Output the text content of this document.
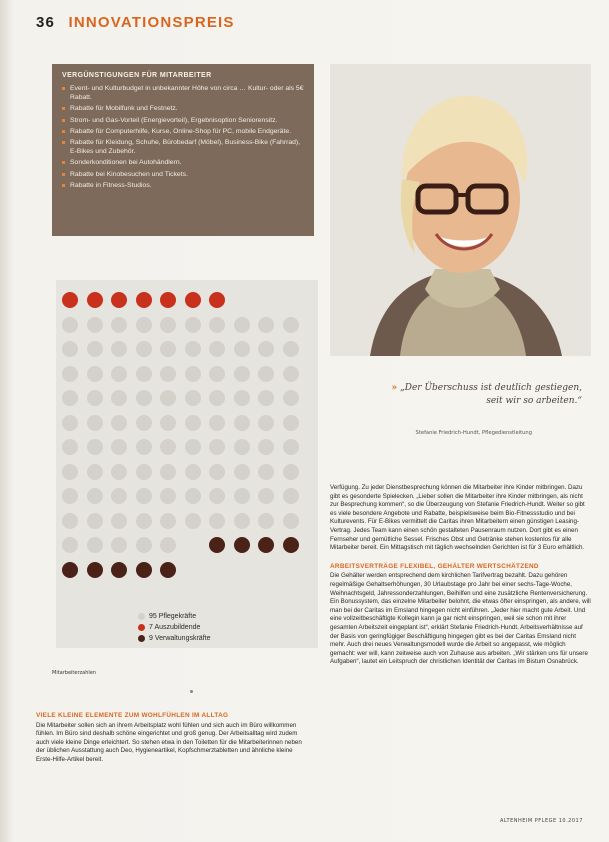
36 INNOVATIONSPREIS
VERGÜNSTIGUNGEN FÜR MITARBEITER
Event- und Kulturbudget in unbekannter Höhe von circa … Kultur- oder als 5€ Rabatt.
Rabatte für Mobilfunk und Festnetz.
Strom- und Gas-Vorteil (Energievorteil), Ergebnisoption Seniorensitz.
Rabatte für Computerhilfe, Kurse, Online-Shop für PC, mobile Endgeräte.
Rabatte für Kleidung, Schuhe, Bürobedarf (Möbel), Business-Bike (Fahrrad), E-Bikes und Zubehör.
Sonderkonditionen bei Autohändlern.
Rabatte bei Kinobesuchen und Tickets.
Rabatte in Fitness-Studios.
» „Der Überschuss ist deutlich gestiegen,
seit wir so arbeiten.“
Stefanie Friedrich-Hundt, Pflegedienstleitung
95 Pflegekräfte
7 Auszubildende
9 Verwaltungskräfte
Mitarbeiterzahlen
VIELE KLEINE ELEMENTE ZUM WOHLFÜHLEN IM ALLTAG
Die Mitarbeiter sollen sich an ihrem Arbeitsplatz wohl fühlen und sich auch im Büro willkommen fühlen. Im Büro sind deshalb schöne eingerichtet und groß genug. Der Arbeitsalltag wird zudem auch viele kleine Dinge erleichtert. So stehen etwa in den Toiletten für die Mitarbeiterinnen neben der üblichen Ausstattung auch Deo, Hygieneartikel, Kopfschmerztabletten und ähnliche kleine Erste-Hilfe-Artikel bereit.
Verfügung. Zu jeder Dienstbesprechung können die Mitarbeiter ihre Kinder mitbringen. Dazu gibt es gesonderte Spielecken. „Lieber sollen die Mitarbeiter ihre Kinder mitbringen, als nicht zur Besprechung kommen“, so die Überzeugung von Stefanie Friedrich-Hundt. Weiter so gibt es viele besondere Angebote und Rabatte, beispielsweise beim Bio-Fitnessstudio und bei Kulturevents. Für E-Bikes vermittelt die Caritas ihren Mitarbeitern einen günstigen Leasing-Vertrag. Jedes Team kann einen schön gestalteten Pausenraum nutzen. Dort gibt es einen Fernseher und gemütliche Sessel. Frisches Obst und Getränke stehen kostenlos für alle Mitarbeiter bereit. Ein Mittagstisch mit täglich wechselnden Gerichten ist für 3 Euro erhältlich.
ARBEITSVERTRÄGE FLEXIBEL, GEHÄLTER WERTSCHÄTZEND
Die Gehälter werden entsprechend dem kirchlichen Tarifvertrag bezahlt. Dazu gehören regelmäßige Gehaltserhöhungen, 30 Urlaubstage pro Jahr bei einer sechs-Tage-Woche, Weihnachtsgeld, Jahressonderzahlungen, Beihilfen und eine zusätzliche Rentenversicherung. Ein Bonussystem, das einzelne Mitarbeiter belohnt, die etwas öfter einspringen, als andere, will man bei der Caritas im Emsland hingegen nicht einführen. „Jeder hier macht gute Arbeit. Und eine vollzeitbeschäftigte Kollegin kann ja gar nicht einspringen, weil sie schon mit ihrer gesamten Arbeitszeit eingeplant ist“, erklärt Stefanie Friedrich-Hundt. Arbeitsverhältnisse auf der Basis von geringfügiger Beschäftigung hingegen gibt es bei der Caritas Emsland nicht mehr. Auch drei neues Verwaltungsmodell wurde die Arbeit so angepasst, wie möglich gemacht: wer will, kann zeitweise auch von Zuhause aus arbeiten. „Wir stärken uns für unsere Aufgaben“, lautet ein Leitspruch der christlichen Identität der Caritas im Bistum Osnabrück.
ALTENHEIM PFLEGE 10.2017
